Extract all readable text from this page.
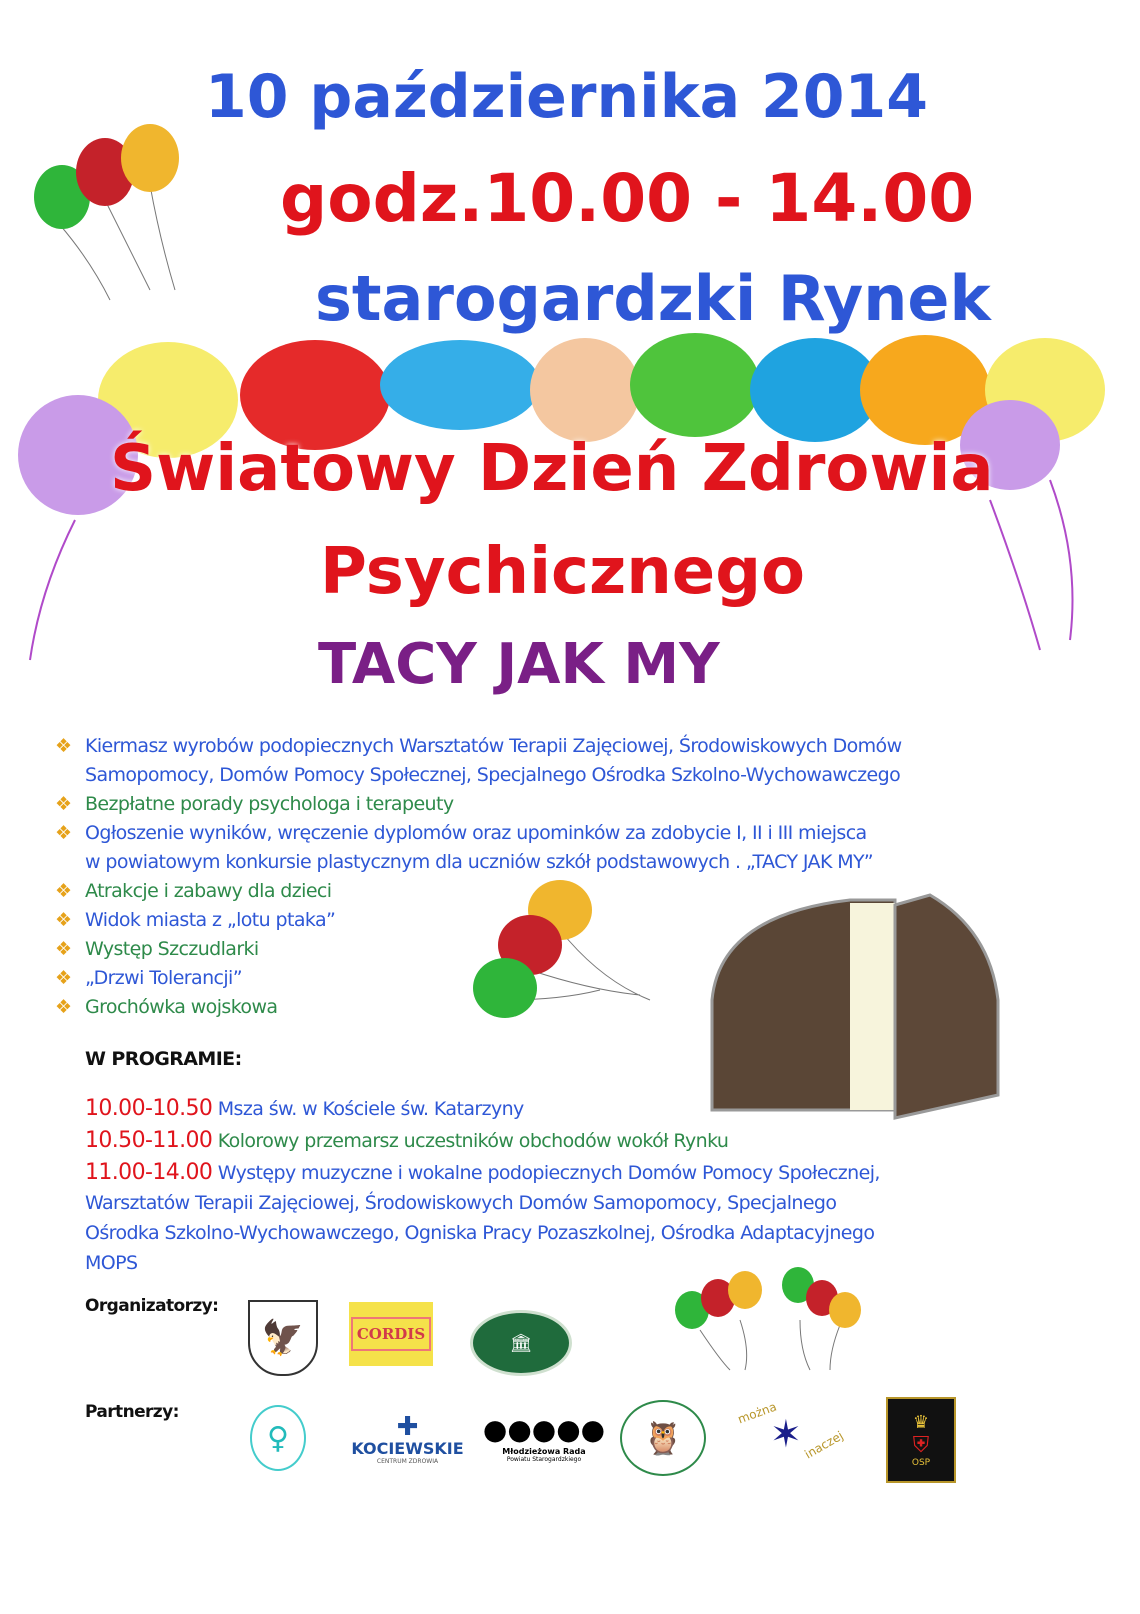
10 października 2014
godz.10.00 - 14.00
starogardzki Rynek
Światowy Dzień Zdrowia
Psychicznego
TACY JAK MY
❖ Kiermasz wyrobów podopiecznych Warsztatów Terapii Zajęciowej, Środowiskowych Domów
Samopomocy, Domów Pomocy Społecznej, Specjalnego Ośrodka Szkolno-Wychowawczego
❖ Bezpłatne porady psychologa i terapeuty
❖ Ogłoszenie wyników, wręczenie dyplomów oraz upominków za zdobycie I, II i III miejsca
w powiatowym konkursie plastycznym dla uczniów szkół podstawowych . „TACY JAK MY”
❖ Atrakcje i zabawy dla dzieci
❖ Widok miasta z „lotu ptaka”
❖ Występ Szczudlarki
❖ „Drzwi Tolerancji”
❖ Grochówka wojskowa
W PROGRAMIE:
10.00-10.50 Msza św. w Kościele św. Katarzyny
10.50-11.00 Kolorowy przemarsz uczestników obchodów wokół Rynku
11.00-14.00 Występy muzyczne i wokalne podopiecznych Domów Pomocy Społecznej,
Warsztatów Terapii Zajęciowej, Środowiskowych Domów Samopomocy, Specjalnego
Ośrodka Szkolno-Wychowawczego, Ogniska Pracy Pozaszkolnej, Ośrodka Adaptacyjnego
MOPS
Organizatorzy:
🦅	CORDIS	🏛
Partnerzy:
♀	✚
KOCIEWSKIE
CENTRUM ZDROWIA
●●●●●
Młodzieżowa Rada
Powiatu Starogardzkiego
🦉
można
✶ inaczej
♛
⛨
OSP
